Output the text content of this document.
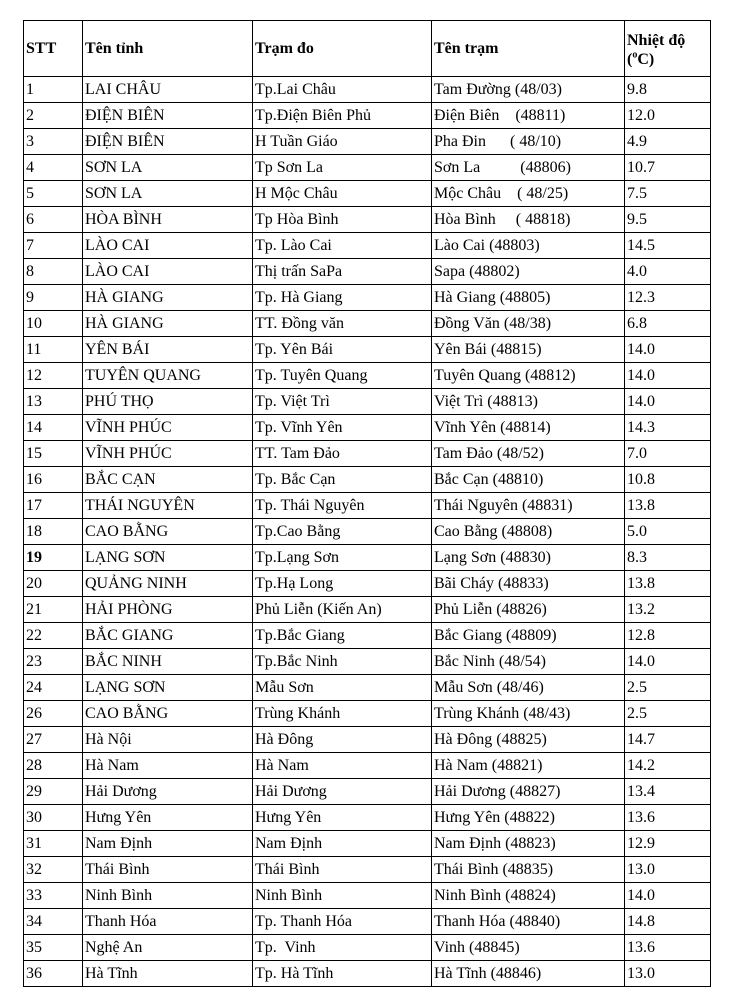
STT	Tên tỉnh	Trạm đo	Tên trạm	Nhiệt độ
($^o$C)
1	LAI CHÂU	Tp.Lai Châu	Tam Đường (48/03)	9.8
2	ĐIỆN BIÊN	Tp.Điện Biên Phủ	Điện Biên    (48811)	12.0
3	ĐIỆN BIÊN	H Tuần Giáo	Pha Đin      ( 48/10)	4.9
4	SƠN LA	Tp Sơn La	Sơn La          (48806)	10.7
5	SƠN LA	H Mộc Châu	Mộc Châu    ( 48/25)	7.5
6	HÒA BÌNH	Tp Hòa Bình	Hòa Bình     ( 48818)	9.5
7	LÀO CAI	Tp. Lào Cai	Lào Cai (48803)	14.5
8	LÀO CAI	Thị trấn SaPa	Sapa (48802)	4.0
9	HÀ GIANG	Tp. Hà Giang	Hà Giang (48805)	12.3
10	HÀ GIANG	TT. Đồng văn	Đồng Văn (48/38)	6.8
11	YÊN BÁI	Tp. Yên Bái	Yên Bái (48815)	14.0
12	TUYÊN QUANG	Tp. Tuyên Quang	Tuyên Quang (48812)	14.0
13	PHÚ THỌ	Tp. Việt Trì	Việt Trì (48813)	14.0
14	VĨNH PHÚC	Tp. Vĩnh Yên	Vĩnh Yên (48814)	14.3
15	VĨNH PHÚC	TT. Tam Đảo	Tam Đảo (48/52)	7.0
16	BẮC CẠN	Tp. Bắc Cạn	Bắc Cạn (48810)	10.8
17	THÁI NGUYÊN	Tp. Thái Nguyên	Thái Nguyên (48831)	13.8
18	CAO BẰNG	Tp.Cao Bằng	Cao Bằng (48808)	5.0
19	LẠNG SƠN	Tp.Lạng Sơn	Lạng Sơn (48830)	8.3
20	QUẢNG NINH	Tp.Hạ Long	Bãi Cháy (48833)	13.8
21	HẢI PHÒNG	Phủ Liễn (Kiến An)	Phủ Liễn (48826)	13.2
22	BẮC GIANG	Tp.Bắc Giang	Bắc Giang (48809)	12.8
23	BẮC NINH	Tp.Bắc Ninh	Bắc Ninh (48/54)	14.0
24	LẠNG SƠN	Mẫu Sơn	Mẫu Sơn (48/46)	2.5
26	CAO BẰNG	Trùng Khánh	Trùng Khánh (48/43)	2.5
27	Hà Nội	Hà Đông	Hà Đông (48825)	14.7
28	Hà Nam	Hà Nam	Hà Nam (48821)	14.2
29	Hải Dương	Hải Dương	Hải Dương (48827)	13.4
30	Hưng Yên	Hưng Yên	Hưng Yên (48822)	13.6
31	Nam Định	Nam Định	Nam Định (48823)	12.9
32	Thái Bình	Thái Bình	Thái Bình (48835)	13.0
33	Ninh Bình	Ninh Bình	Ninh Bình (48824)	14.0
34	Thanh Hóa	Tp. Thanh Hóa	Thanh Hóa (48840)	14.8
35	Nghệ An	Tp.  Vinh	Vinh (48845)	13.6
36	Hà Tĩnh	Tp. Hà Tĩnh	Hà Tĩnh (48846)	13.0
